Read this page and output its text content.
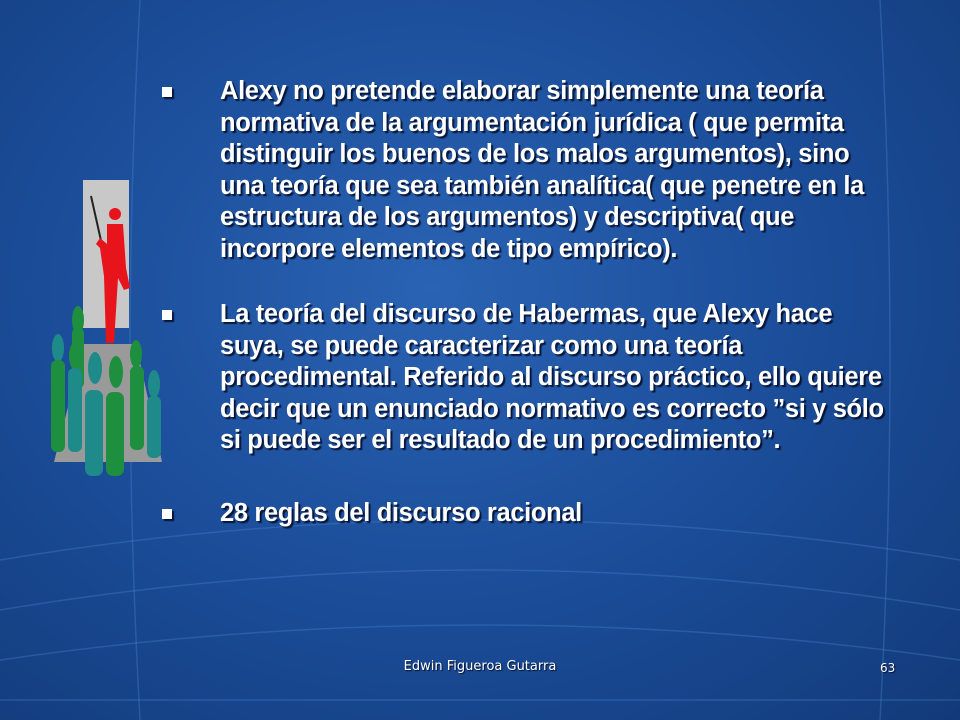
Alexy no pretende elaborar simplemente una teoría normativa de la argumentación jurídica ( que permita distinguir los buenos de los malos argumentos), sino una teoría que sea también analítica( que penetre en la estructura de los argumentos) y descriptiva( que incorpore elementos de tipo empírico).
La teoría del discurso de Habermas, que Alexy hace suya, se puede caracterizar como una teoría procedimental. Referido al discurso práctico, ello quiere decir que un enunciado normativo es correcto ”si y sólo si puede ser el resultado de un procedimiento”.
28 reglas del discurso racional
Edwin Figueroa Gutarra	63
